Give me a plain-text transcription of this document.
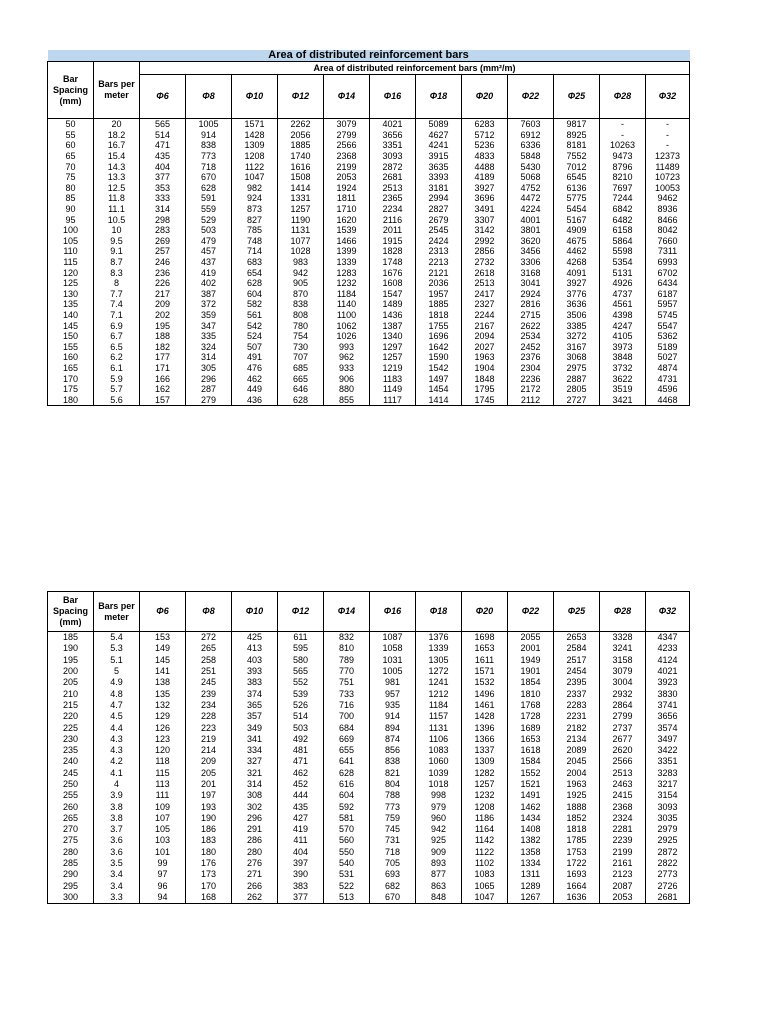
Area of distributed reinforcement bars													
Bar Spacing (mm)	Bars per meter	Area of distributed reinforcement bars (mm²/m)											
		Φ6	Φ8	Φ10	Φ12	Φ14	Φ16	Φ18	Φ20	Φ22	Φ25	Φ28	Φ32
50	20	565	1005	1571	2262	3079	4021	5089	6283	7603	9817	-	-
55	18.2	514	914	1428	2056	2799	3656	4627	5712	6912	8925	-	-
60	16.7	471	838	1309	1885	2566	3351	4241	5236	6336	8181	10263	-
65	15.4	435	773	1208	1740	2368	3093	3915	4833	5848	7552	9473	12373
70	14.3	404	718	1122	1616	2199	2872	3635	4488	5430	7012	8796	11489
75	13.3	377	670	1047	1508	2053	2681	3393	4189	5068	6545	8210	10723
80	12.5	353	628	982	1414	1924	2513	3181	3927	4752	6136	7697	10053
85	11.8	333	591	924	1331	1811	2365	2994	3696	4472	5775	7244	9462
90	11.1	314	559	873	1257	1710	2234	2827	3491	4224	5454	6842	8936
95	10.5	298	529	827	1190	1620	2116	2679	3307	4001	5167	6482	8466
100	10	283	503	785	1131	1539	2011	2545	3142	3801	4909	6158	8042
105	9.5	269	479	748	1077	1466	1915	2424	2992	3620	4675	5864	7660
110	9.1	257	457	714	1028	1399	1828	2313	2856	3456	4462	5598	7311
115	8.7	246	437	683	983	1339	1748	2213	2732	3306	4268	5354	6993
120	8.3	236	419	654	942	1283	1676	2121	2618	3168	4091	5131	6702
125	8	226	402	628	905	1232	1608	2036	2513	3041	3927	4926	6434
130	7.7	217	387	604	870	1184	1547	1957	2417	2924	3776	4737	6187
135	7.4	209	372	582	838	1140	1489	1885	2327	2816	3636	4561	5957
140	7.1	202	359	561	808	1100	1436	1818	2244	2715	3506	4398	5745
145	6.9	195	347	542	780	1062	1387	1755	2167	2622	3385	4247	5547
150	6.7	188	335	524	754	1026	1340	1696	2094	2534	3272	4105	5362
155	6.5	182	324	507	730	993	1297	1642	2027	2452	3167	3973	5189
160	6.2	177	314	491	707	962	1257	1590	1963	2376	3068	3848	5027
165	6.1	171	305	476	685	933	1219	1542	1904	2304	2975	3732	4874
170	5.9	166	296	462	665	906	1183	1497	1848	2236	2887	3622	4731
175	5.7	162	287	449	646	880	1149	1454	1795	2172	2805	3519	4596
180	5.6	157	279	436	628	855	1117	1414	1745	2112	2727	3421	4468
Bar Spacing (mm)	Bars per meter	Φ6	Φ8	Φ10	Φ12	Φ14	Φ16	Φ18	Φ20	Φ22	Φ25	Φ28	Φ32
185	5.4	153	272	425	611	832	1087	1376	1698	2055	2653	3328	4347
190	5.3	149	265	413	595	810	1058	1339	1653	2001	2584	3241	4233
195	5.1	145	258	403	580	789	1031	1305	1611	1949	2517	3158	4124
200	5	141	251	393	565	770	1005	1272	1571	1901	2454	3079	4021
205	4.9	138	245	383	552	751	981	1241	1532	1854	2395	3004	3923
210	4.8	135	239	374	539	733	957	1212	1496	1810	2337	2932	3830
215	4.7	132	234	365	526	716	935	1184	1461	1768	2283	2864	3741
220	4.5	129	228	357	514	700	914	1157	1428	1728	2231	2799	3656
225	4.4	126	223	349	503	684	894	1131	1396	1689	2182	2737	3574
230	4.3	123	219	341	492	669	874	1106	1366	1653	2134	2677	3497
235	4.3	120	214	334	481	655	856	1083	1337	1618	2089	2620	3422
240	4.2	118	209	327	471	641	838	1060	1309	1584	2045	2566	3351
245	4.1	115	205	321	462	628	821	1039	1282	1552	2004	2513	3283
250	4	113	201	314	452	616	804	1018	1257	1521	1963	2463	3217
255	3.9	111	197	308	444	604	788	998	1232	1491	1925	2415	3154
260	3.8	109	193	302	435	592	773	979	1208	1462	1888	2368	3093
265	3.8	107	190	296	427	581	759	960	1186	1434	1852	2324	3035
270	3.7	105	186	291	419	570	745	942	1164	1408	1818	2281	2979
275	3.6	103	183	286	411	560	731	925	1142	1382	1785	2239	2925
280	3.6	101	180	280	404	550	718	909	1122	1358	1753	2199	2872
285	3.5	99	176	276	397	540	705	893	1102	1334	1722	2161	2822
290	3.4	97	173	271	390	531	693	877	1083	1311	1693	2123	2773
295	3.4	96	170	266	383	522	682	863	1065	1289	1664	2087	2726
300	3.3	94	168	262	377	513	670	848	1047	1267	1636	2053	2681
